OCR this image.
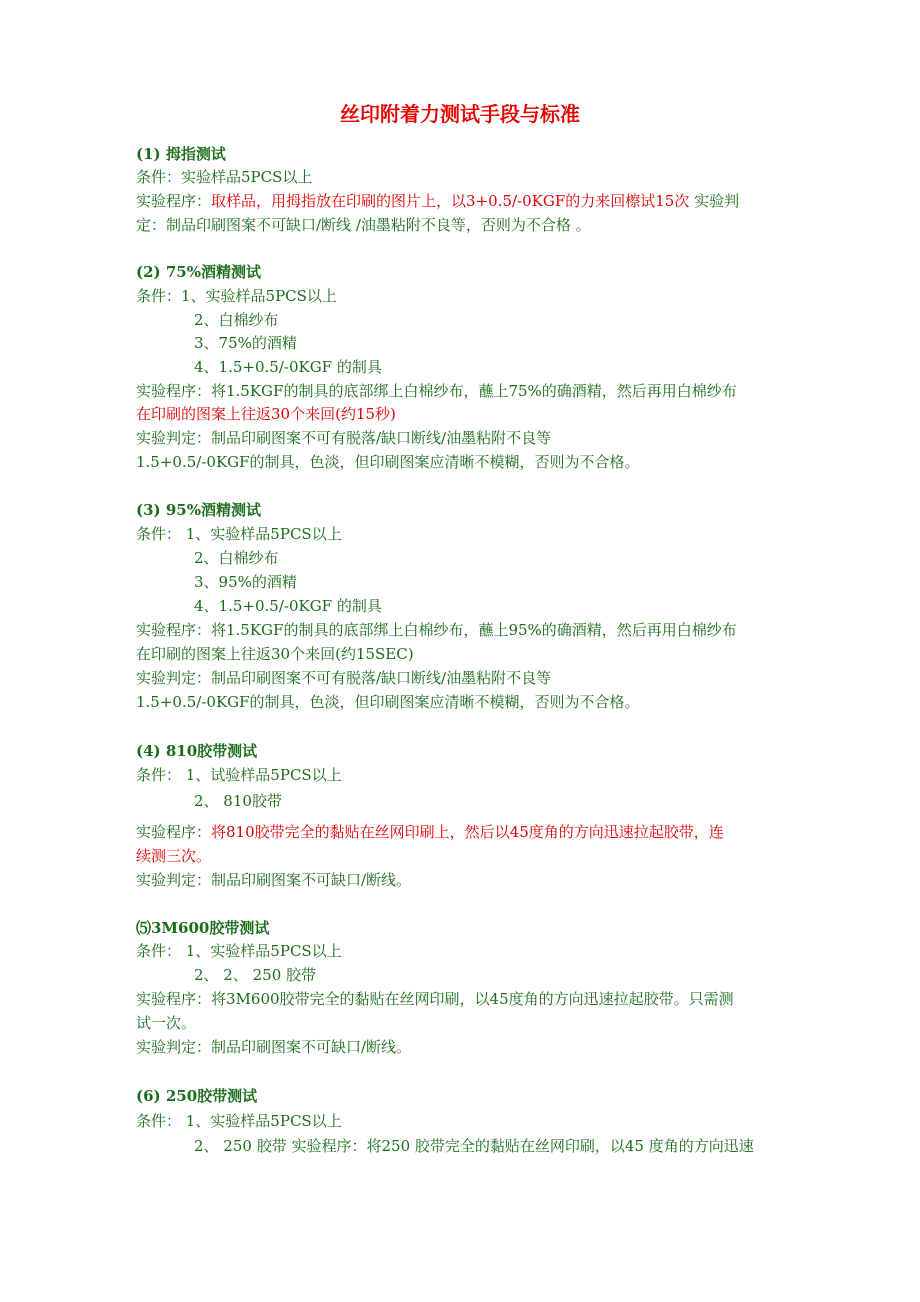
丝印附着力测试手段与标准
(1) 拇指测试
条件：实验样品5PCS以上
实验程序：取样品，用拇指放在印刷的图片上，以3+0.5/-0KGF的力来回檫试15次 实验判
定：制品印刷图案不可缺口/断线 /油墨粘附不良等，否则为不合格 。
(2) 75%酒精测试
条件：1、实验样品5PCS以上
2、白棉纱布
3、75%的酒精
4、1.5+0.5/-0KGF 的制具
实验程序：将1.5KGF的制具的底部绑上白棉纱布，蘸上75%的确酒精，然后再用白棉纱布
在印刷的图案上往返30个来回(约15秒)
实验判定：制品印刷图案不可有脱落/缺口断线/油墨粘附不良等
1.5+0.5/-0KGF的制具，色淡，但印刷图案应清晰不模糊，否则为不合格。
(3) 95%酒精测试
条件： 1、实验样品5PCS以上
2、白棉纱布
3、95%的酒精
4、1.5+0.5/-0KGF 的制具
实验程序：将1.5KGF的制具的底部绑上白棉纱布，蘸上95%的确酒精，然后再用白棉纱布
在印刷的图案上往返30个来回(约15SEC)
实验判定：制品印刷图案不可有脱落/缺口断线/油墨粘附不良等
1.5+0.5/-0KGF的制具，色淡，但印刷图案应清晰不模糊，否则为不合格。
(4) 810胶带测试
条件： 1、试验样品5PCS以上
2、 810胶带
实验程序：将810胶带完全的黏贴在丝网印刷上，然后以45度角的方向迅速拉起胶带，连
续测三次。
实验判定：制品印刷图案不可缺口/断线。
⑸3M600胶带测试
条件： 1、实验样品5PCS以上
2、 2、 250 胶带
实验程序：将3M600胶带完全的黏贴在丝网印刷，以45度角的方向迅速拉起胶带。只需测
试一次。
实验判定：制品印刷图案不可缺口/断线。
(6) 250胶带测试
条件： 1、实验样品5PCS以上
2、 250 胶带 实验程序：将250 胶带完全的黏贴在丝网印刷，以45 度角的方向迅速
